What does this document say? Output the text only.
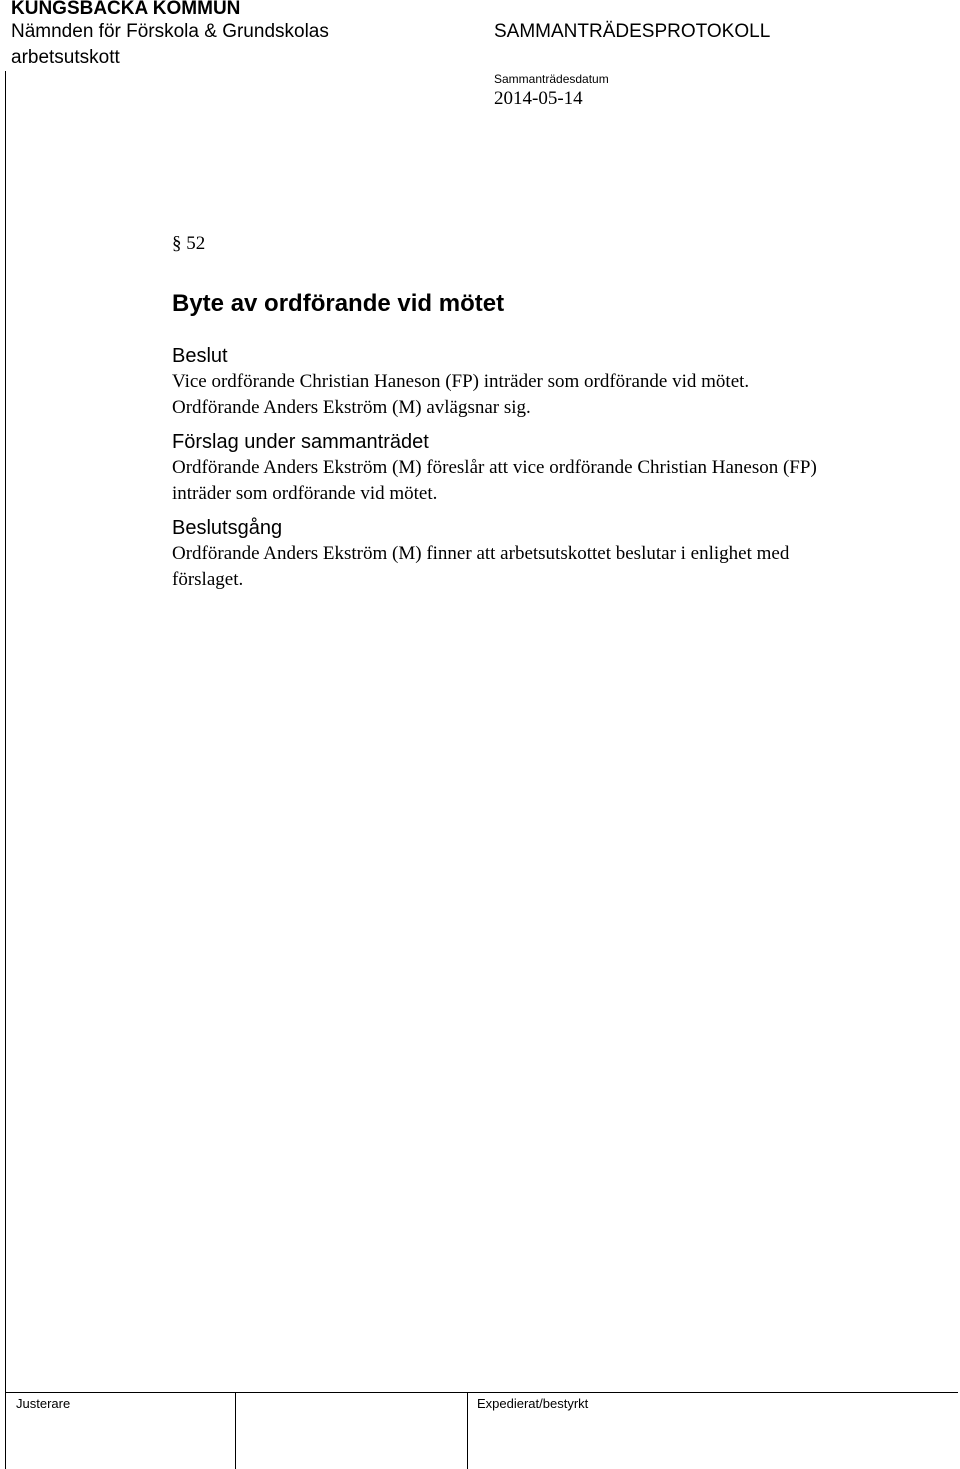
KUNGSBACKA KOMMUN
Nämnden för Förskola & Grundskolas
arbetsutskott
SAMMANTRÄDESPROTOKOLL
Sammanträdesdatum
2014-05-14
§ 52
Byte av ordförande vid mötet
Beslut

Vice ordförande Christian Haneson (FP) inträder som ordförande vid mötet.

Ordförande Anders Ekström (M) avlägsnar sig.

Förslag under sammanträdet

Ordförande Anders Ekström (M) föreslår att vice ordförande Christian Haneson (FP)

inträder som ordförande vid mötet.

Beslutsgång

Ordförande Anders Ekström (M) finner att arbetsutskottet beslutar i enlighet med

förslaget.

Justerare	Expedierat/bestyrkt
